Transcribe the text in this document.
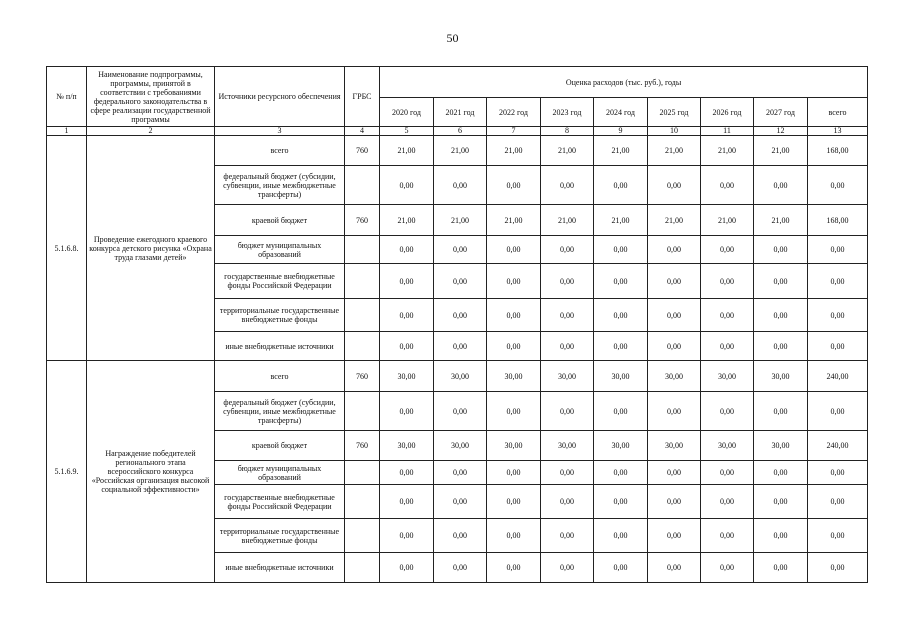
50
№ п/п	Наименование подпрограммы, программы, принятой в соответствии с требованиями федерального законодательства в сфере реализации государственной программы	Источники ресурсного обеспечения	ГРБС	Оценка расходов (тыс. руб.), годы								
				2020 год	2021 год	2022 год	2023 год	2024 год	2025 год	2026 год	2027 год	всего
1	2	3	4	5	6	7	8	9	10	11	12	13
5.1.6.8.	Проведение ежегодного краевого конкурса детского рисунка «Охрана труда глазами детей»	всего	760	21,00	21,00	21,00	21,00	21,00	21,00	21,00	21,00	168,00
		федеральный бюджет (субсидии, субвенции, иные межбюджетные трансферты)		0,00	0,00	0,00	0,00	0,00	0,00	0,00	0,00	0,00
		краевой бюджет	760	21,00	21,00	21,00	21,00	21,00	21,00	21,00	21,00	168,00
		бюджет муниципальных образований		0,00	0,00	0,00	0,00	0,00	0,00	0,00	0,00	0,00
		государственные внебюджетные фонды Российской Федерации		0,00	0,00	0,00	0,00	0,00	0,00	0,00	0,00	0,00
		территориальные государственные внебюджетные фонды		0,00	0,00	0,00	0,00	0,00	0,00	0,00	0,00	0,00
		иные внебюджетные источники		0,00	0,00	0,00	0,00	0,00	0,00	0,00	0,00	0,00
5.1.6.9.	Награждение победителей регионального этапа всероссийского конкурса «Российская организация высокой социальной эффективности»	всего	760	30,00	30,00	30,00	30,00	30,00	30,00	30,00	30,00	240,00
		федеральный бюджет (субсидии, субвенции, иные межбюджетные трансферты)		0,00	0,00	0,00	0,00	0,00	0,00	0,00	0,00	0,00
		краевой бюджет	760	30,00	30,00	30,00	30,00	30,00	30,00	30,00	30,00	240,00
		бюджет муниципальных образований		0,00	0,00	0,00	0,00	0,00	0,00	0,00	0,00	0,00
		государственные внебюджетные фонды Российской Федерации		0,00	0,00	0,00	0,00	0,00	0,00	0,00	0,00	0,00
		территориальные государственные внебюджетные фонды		0,00	0,00	0,00	0,00	0,00	0,00	0,00	0,00	0,00
		иные внебюджетные источники		0,00	0,00	0,00	0,00	0,00	0,00	0,00	0,00	0,00
